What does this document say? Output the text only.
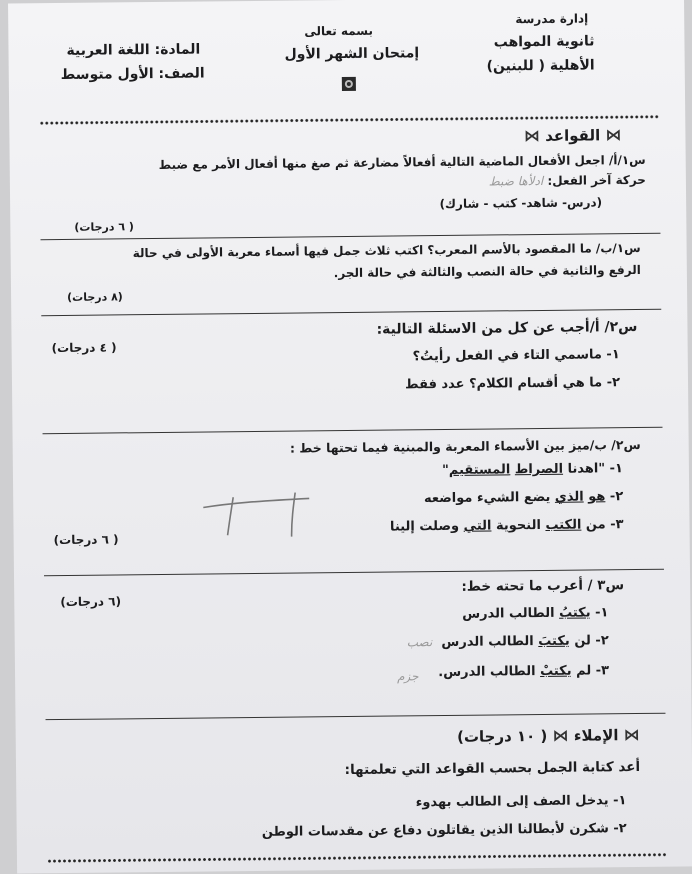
إدارة مدرسة
ثانوية المواهب
الأهلية ( للبنين)
بسمه تعالى
إمتحان الشهر الأول
المادة: اللغة العربية
الصف: الأول متوسط
⋈ القواعد ⋈
س١/أ/ اجعل الأفعال الماضية التالية أفعالاً مضارعة ثم صغ منها أفعال الأمر مع ضبط
حركة آخر الفعل: ادلأها ضبط
(درس- شاهد- كتب - شارك)
( ٦ درجات)
س١/ب/ ما المقصود بالأسم المعرب؟ اكتب ثلاث جمل فيها أسماء معربة الأولى في حالة
الرفع والثانية في حالة النصب والثالثة في حالة الجر.
(٨ درجات)
س٢/ أ/أجب عن كل من الاسئلة التالية:
( ٤ درجات)	١- ماسمي التاء في الفعل رأيتُ؟
٢- ما هي أقسام الكلام؟ عدد فقط
س٢/ ب/ميز بين الأسماء المعربة والمبنية فيما تحتها خط :
١- "اهدنا الصراط المستقيم"
٢- هو الذي يضع الشيء مواضعه
٣- من الكتب النحوية التي وصلت إلينا
( ٦ درجات)
س٣ / أعرب ما تحته خط:
(٦ درجات)
١- يكتبُ الطالب الدرس
٢- لن يكتبَ الطالب الدرس
نصب
٣- لم يكتبْ الطالب الدرس.
جزم
⋈ الإملاء ⋈ ( ١٠ درجات)
أعد كتابة الجمل بحسب القواعد التي تعلمتها:
١- يدخل الصف إلى الطالب بهدوء
٢- شكرن لأبطالنا الذين يقاتلون دفاع عن مقدسات الوطن
